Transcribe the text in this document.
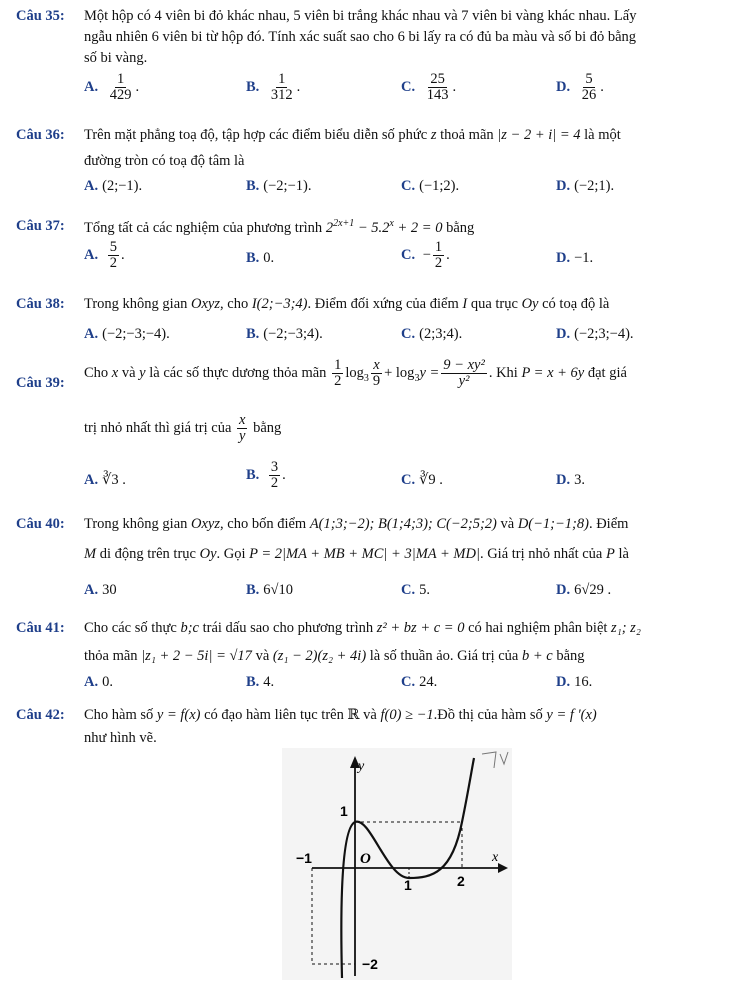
Câu 35: Một hộp có 4 viên bi đỏ khác nhau, 5 viên bi trắng khác nhau và 7 viên bi vàng khác nhau. Lấy
ngẫu nhiên 6 viên bi từ hộp đó. Tính xác suất sao cho 6 bi lấy ra có đủ ba màu và số bi đỏ bằng
số bi vàng.
A. $\frac{1}{429}$ .	B. $\frac{1}{312}$ .	C. $\frac{25}{143}$ .	D. $\frac{5}{26}$ .
Câu 36: Trên mặt phẳng toạ độ, tập hợp các điểm biểu diễn số phức z thoả mãn |z − 2 + i| = 4 là một
đường tròn có toạ độ tâm là
A. (2;−1).	B. (−2;−1).	C. (−1;2).	D. (−2;1).
Câu 37: Tổng tất cả các nghiệm của phương trình $2^{2x+1} - 5.2^x + 2 = 0$ bằng
A. $\frac{5}{2}$ .	B. 0.	C. − $\frac{1}{2}$ .	D. −1.
Câu 38: Trong không gian Oxyz, cho I(2;−3;4). Điểm đối xứng của điểm I qua trục Oy có toạ độ là
A. (−2;−3;−4).	B. (−2;−3;4).	C. (2;3;4).	D. (−2;3;−4).
Câu 39:
Cho x và y là các số thực dương thỏa mãn $\frac{1}{2} \log_3 \frac{x}{9} + \log_3y = \frac{\text{9 − xy²}}{\text{y²}}$ . Khi P = x + 6y đạt giá
trị nhỏ nhất thì giá trị của $\frac{x}{y}$ bằng
A. ∛3 .	B. $\frac{3}{2}$ .	C. ∛9 .	D. 3.
Câu 40: Trong không gian Oxyz, cho bốn điểm A(1;3;−2); B(1;4;3); C(−2;5;2) và D(−1;−1;8). Điểm
M di động trên trục Oy. Gọi P = 2|MA + MB + MC| + 3|MA + MD|. Giá trị nhỏ nhất của P là
A. 30	B. 6√10	C. 5.	D. 6√29 .
Câu 41: Cho các số thực b;c trái dấu sao cho phương trình z² + bz + c = 0 có hai nghiệm phân biệt z₁; z₂
thỏa mãn |z₁ + 2 − 5i| = √17 và (z₁ − 2)(z₂ + 4i) là số thuần ảo. Giá trị của b + c bằng
A. 0.	B. 4.	C. 24.	D. 16.
Câu 42: Cho hàm số y = f(x) có đạo hàm liên tục trên ℝ và f(0) ≥ −1.Đồ thị của hàm số y = f '(x)
như hình vẽ.
y
x
O
1
−1
1	2
−2
